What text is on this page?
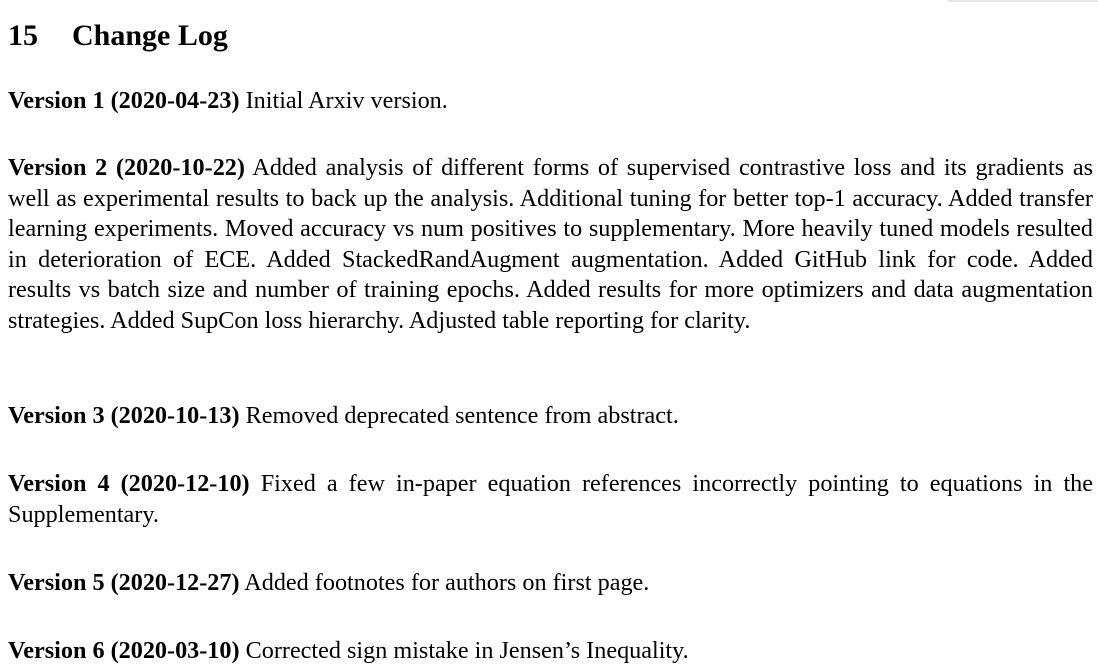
15 Change Log

Version 1 (2020-04-23) Initial Arxiv version.

Version 2 (2020-10-22) Added analysis of different forms of supervised contrastive loss and its gradients as well as experimental results to back up the analysis. Additional tuning for better top-1 accuracy. Added transfer learning experiments. Moved accuracy vs num positives to supplementary. More heavily tuned models resulted in deterioration of ECE. Added StackedRandAugment augmentation. Added GitHub link for code. Added results vs batch size and number of training epochs. Added results for more optimizers and data augmentation strategies. Added SupCon loss hierarchy. Adjusted table reporting for clarity.

Version 3 (2020-10-13) Removed deprecated sentence from abstract.

Version 4 (2020-12-10) Fixed a few in-paper equation references incorrectly pointing to equations in the Supplementary.

Version 5 (2020-12-27) Added footnotes for authors on first page.

Version 6 (2020-03-10) Corrected sign mistake in Jensen’s Inequality.
